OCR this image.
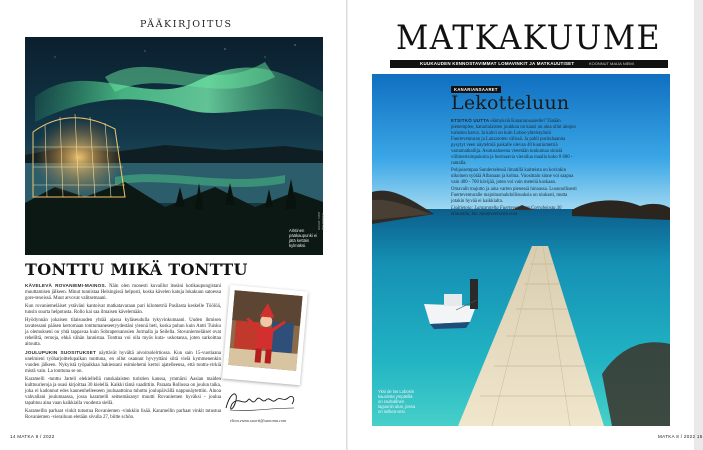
PÄÄKIRJOITUS
Arktinen pääkaupunki ei jätä kettäin kylmäksi.
KUVAT: VISIT ROVANIEMI
TONTTU MIKÄ TONTTU

KÄVELEVÄ ROVANIEMI-MAINOS. Näin olen monesti kuvaillut itseäni kotikaupungistani muuttamisen jälkeen. Minut tunnistaa Helsingissä helposti, koska kävelen katuja lokakuun satoessa gore-texeissä. Muut arvovat valitsemaani.

Kun rovaniemeläiset ystäväni kantoivat matkatavaraan pari kilometriä Pasilasta keskelle Töölöä, tunsin suurta helpotusta. Rollo kai saa ilmaisen kävelemään.

Hyödynnän jokaisen tilaisuuden yhtää ajassa kyläseudulla tykyvinkumaani. Uuden ihmisen tavatessani pääsen kertomaan tonttumaneseetyydestäni ylennä heti, koska puhun kuin Antti Tuisku ja olemukseni on yhtä tappavaa kuin Sobrapersanssien Jormalla ja Seilella. Stovanierneläiset ovat reheliltä, remoja, ehkä vähän lannistaa. Tonttua voi olla myös kuta- uskotansa, joten sarkoittaa aitoutta.

JOULUPUKIN SUOSITUKSET näyttävät hyvältä aivoitsolelrtiossa. Kun sain 15-vuotiaana unelmieni työharjoittelupaikan tonttuna, en ollut osannut hyvyyttäni siitä vielä kymmenenkin vuoden jälkeen. Nykyistä työpaikkaa hakiessani esimiehemi kertoi ajatelleensa, että tonttu-virkiä mistä vain. La tonttuna se on.

Karamelli -tonttu Jarteli elekiellellä ranskalaisten turistien kanssa, ymmärsi Aasian maiden kulttuurieroja ja osasi kirjoittaa 30 kielellä. Kaikki tämä vaadittiin. Paraata Rollossa on joulun taika, joka ei kadonnut edes kaunenhelleeseen jouluaattoina tuhottu joulupäivällä nappunäytettiin. Ainoa vahvallani joulumaassa, jossa karamelli seitsemäsanyt muutti Rovaniemen hyväksi - joulua tapahtuu aina vaan kaikkialla vuodesta siellä.

Karamellin parhaat vinkit tutustua Rovaniemen -vinkkiin lisää. Karamellin parhaat vinkit tutustua Rovaniemen -vierailuun eletään sivulla 27, biitte schön.

elina.esmu.suorti@sanoma.com
14 MATKA 8 / 2022
MATKAKUUME
KUUKAUDEN KIINNOSTAVIMMAT LOMAVINKIT JA MATKAUUTISET	KOONNUT MAIJA NIEMI
KANARIANSAARET
Lekotteluun

ETSITKÖ UUTTA elämyksiä Kanariansaarelle? Tänään pienempien, kanarialaisten joukkoa on kausi on aina ollut aitojen turistien harva. Ja kahvi on kuin Lobos-yhteistyöntä Fuerteventuran ja Lanzaroten välissä. Ja pahli purituhaanna pysytyt veen näytelmiä paikalle olevan 40 kuutiometriä vastamatkailija. Asutusalueena vietetään tunkumaa sinisiä villimerisimpukoita ja hurmaavia vierailua maalla koko 8 600 -rantalla.

Pohjoisempaa Sunderselessä ilmatillä kaitteista on kovinkin ulkoinen syötää Albanaan ja kolma. Vuosittain sinne voi saapua vain 400 - 700 kävijää, joten voi vain meteliä koskaan.

Omavalit majutto ja aina varten pienessä hinnassa. Luonnollisesti Fuerteventuralle majoitusmahdollisuuksia on niukasti, mutta jotakin hyvää ei kaikkialta.

Lisätietoja: Lanzarotella Fuerteventuran Corralejosta 30 minuuttia, kts. moskrateroiste.com

Yksi de los Lobosin kauniista ympärillä on rauhallinen laguunin alue, jossa on selkeä vesi.
MATKA 8 / 2022 15
